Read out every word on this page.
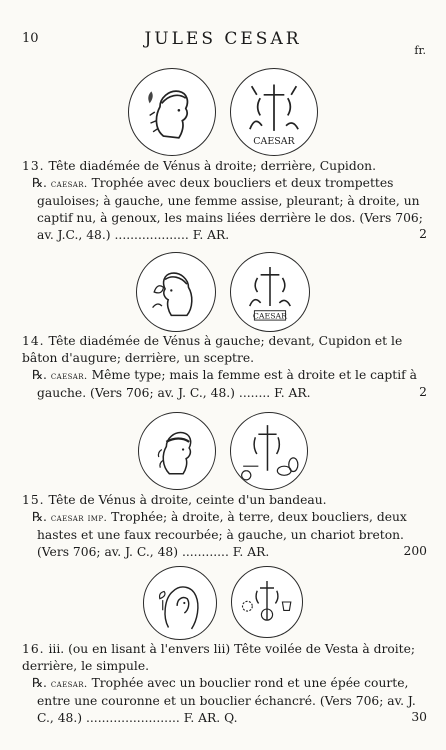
10	JULES CESAR
fr.
CAESAR

13. Tête diadémée de Vénus à droite; derrière, Cupidon.

℞. caesar. Trophée avec deux boucliers et deux trompettes gauloises; à gauche, une femme assise, pleurant; à droite, un captif nu, à genoux, les mains liées derrière le dos. (Vers 706; av. J.C., 48.) ................... F. AR.	2
CAESAR

14. Tête diadémée de Vénus à gauche; devant, Cupidon et le bâton d'augure; derrière, un sceptre.

℞. caesar. Même type; mais la femme est à droite et le captif à gauche. (Vers 706; av. J. C., 48.) ........ F. AR.	2

15. Tête de Vénus à droite, ceinte d'un bandeau.

℞. caesar imp. Trophée; à droite, à terre, deux boucliers, deux hastes et une faux recourbée; à gauche, un chariot breton. (Vers 706; av. J. C., 48) ............ F. AR.	200

16. iii. (ou en lisant à l'envers lii) Tête voilée de Vesta à droite; derrière, le simpule.

℞. caesar. Trophée avec un bouclier rond et une épée courte, entre une couronne et un bouclier échancré. (Vers 706; av. J. C., 48.) ........................ F. AR. Q.	30
